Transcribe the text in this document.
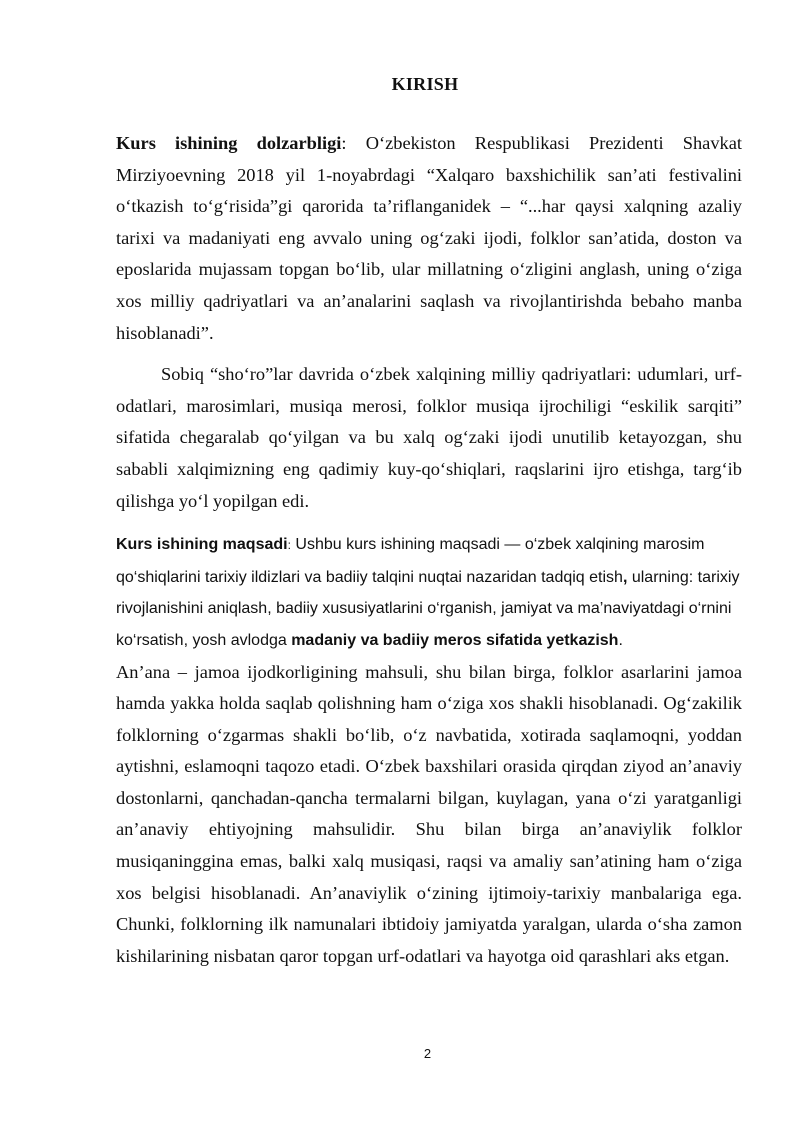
KIRISH

Kurs ishining dolzarbligi: O‘zbekiston Respublikasi Prezidenti Shavkat Mirziyoevning 2018 yil 1-noyabrdagi “Xalqaro baxshichilik san’ati festivalini o‘tkazish to‘g‘risida”gi qarorida ta’riflanganidek – “...har qaysi xalqning azaliy tarixi va madaniyati eng avvalo uning og‘zaki ijodi, folklor san’atida, doston va eposlarida mujassam topgan bo‘lib, ular millatning o‘zligini anglash, uning o‘ziga xos milliy qadriyatlari va an’analarini saqlash va rivojlantirishda bebaho manba hisoblanadi”.

Sobiq “sho‘ro”lar davrida o‘zbek xalqining milliy qadriyatlari: udumlari, urf-odatlari, marosimlari, musiqa merosi, folklor musiqa ijrochiligi “eskilik sarqiti” sifatida chegaralab qo‘yilgan va bu xalq og‘zaki ijodi unutilib ketayozgan, shu sababli xalqimizning eng qadimiy kuy-qo‘shiqlari, raqslarini ijro etishga, targ‘ib qilishga yo‘l yopilgan edi.

Kurs ishining maqsadi: Ushbu kurs ishining maqsadi — o‘zbek xalqining marosim qo‘shiqlarini tarixiy ildizlari va badiiy talqini nuqtai nazaridan tadqiq etish, ularning: tarixiy rivojlanishini aniqlash, badiiy xususiyatlarini o‘rganish, jamiyat va ma’naviyatdagi o‘rnini ko‘rsatish, yosh avlodga madaniy va badiiy meros sifatida yetkazish.

An’ana – jamoa ijodkorligining mahsuli, shu bilan birga, folklor asarlarini jamoa hamda yakka holda saqlab qolishning ham o‘ziga xos shakli hisoblanadi. Og‘zakilik folklorning o‘zgarmas shakli bo‘lib, o‘z navbatida, xotirada saqlamoqni, yoddan aytishni, eslamoqni taqozo etadi. O‘zbek baxshilari orasida qirqdan ziyod an’anaviy dostonlarni, qanchadan-qancha termalarni bilgan, kuylagan, yana o‘zi yaratganligi an’anaviy ehtiyojning mahsulidir. Shu bilan birga an’anaviylik folklor musiqaninggina emas, balki xalq musiqasi, raqsi va amaliy san’atining ham o‘ziga xos belgisi hisoblanadi. An’anaviylik o‘zining ijtimoiy-tarixiy manbalariga ega. Chunki, folklorning ilk namunalari ibtidoiy jamiyatda yaralgan, ularda o‘sha zamon kishilarining nisbatan qaror topgan urf-odatlari va hayotga oid qarashlari aks etgan.

2
